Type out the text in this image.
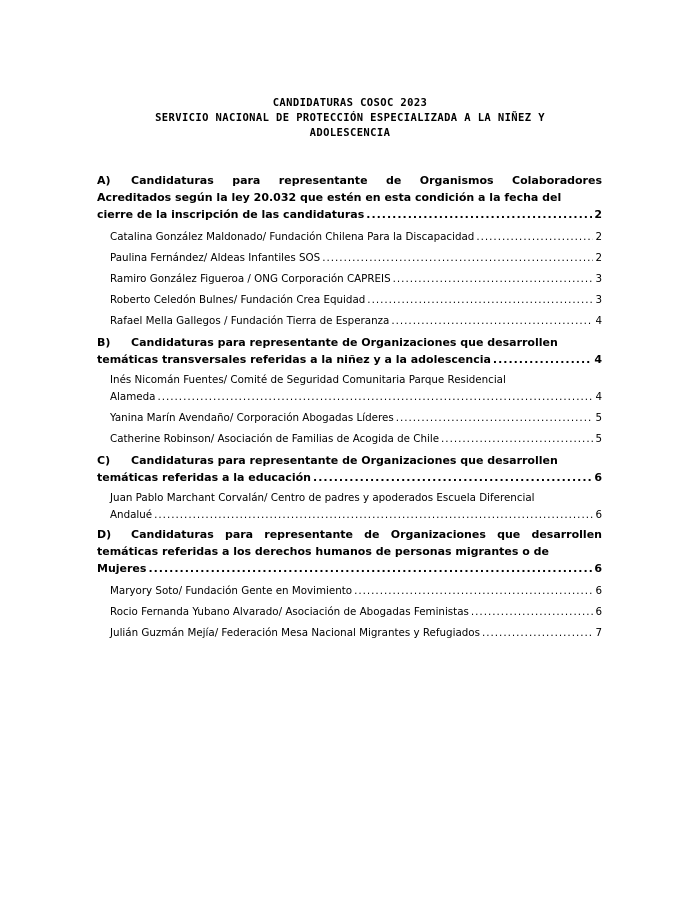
CANDIDATURAS COSOC 2023
SERVICIO NACIONAL DE PROTECCIÓN ESPECIALIZADA A LA NIÑEZ Y
ADOLESCENCIA
A) Candidaturas para representante de Organismos Colaboradores Acreditados según la ley 20.032 que estén en esta condición a la fecha del
cierre de la inscripción de las candidaturas .....	2
Catalina González Maldonado/ Fundación Chilena Para la Discapacidad .....	2
Paulina Fernández/ Aldeas Infantiles SOS .....	2
Ramiro González Figueroa / ONG Corporación CAPREIS .....	3
Roberto Celedón Bulnes/ Fundación Crea Equidad .....	3
Rafael Mella Gallegos / Fundación Tierra de Esperanza .....	4
B) Candidaturas para representante de Organizaciones que desarrollen
temáticas transversales referidas a la niñez y a la adolescencia .....	4
Inés Nicomán Fuentes/ Comité de Seguridad Comunitaria Parque Residencial
Alameda .....	4
Yanina Marín Avendaño/ Corporación Abogadas Líderes .....	5
Catherine Robinson/ Asociación de Familias de Acogida de Chile .....	5
C) Candidaturas para representante de Organizaciones que desarrollen
temáticas referidas a la educación .....	6
Juan Pablo Marchant Corvalán/ Centro de padres y apoderados Escuela Diferencial
Andalué .....	6
D) Candidaturas para representante de Organizaciones que desarrollen temáticas referidas a los derechos humanos de personas migrantes o de
Mujeres .....	6
Maryory Soto/ Fundación Gente en Movimiento .....	6
Rocio Fernanda Yubano Alvarado/ Asociación de Abogadas Feministas .....	6
Julián Guzmán Mejía/ Federación Mesa Nacional Migrantes y Refugiados .....	7
